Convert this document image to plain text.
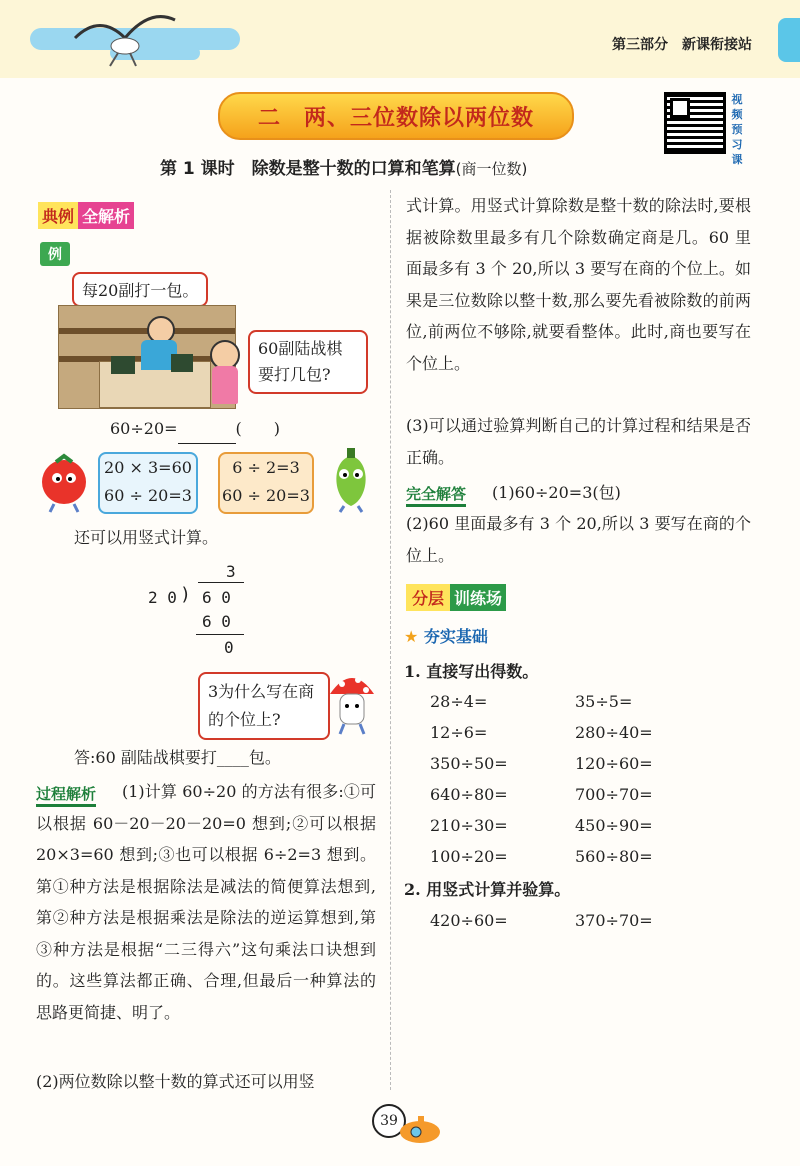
第三部分　新课衔接站
二　两、三位数除以两位数
视
频
预
习
课
第 1 课时　除数是整十数的口算和笔算(商一位数)
典例 全解析
例
每20副打一包。
60副陆战棋要打几包?
60÷20=	(　　)
20 × 3=60
60 ÷ 20=3
6 ÷ 2=3
60 ÷ 20=3
还可以用竖式计算。
3
2 0 ) 6 0
6 0
0
3为什么写在商的个位上?
答:60 副陆战棋要打____包。
过程解析	(1)计算 60÷20 的方法有很多:①可以根据 60－20－20－20=0 想到;②可以根据 20×3=60 想到;③也可以根据 6÷2=3 想到。第①种方法是根据除法是减法的简便算法想到,第②种方法是根据乘法是除法的逆运算想到,第③种方法是根据“二三得六”这句乘法口诀想到的。这些算法都正确、合理,但最后一种算法的思路更简捷、明了。
(2)两位数除以整十数的算式还可以用竖
式计算。用竖式计算除数是整十数的除法时,要根据被除数里最多有几个除数确定商是几。60 里面最多有 3 个 20,所以 3 要写在商的个位上。如果是三位数除以整十数,那么要先看被除数的前两位,前两位不够除,就要看整体。此时,商也要写在个位上。
(3)可以通过验算判断自己的计算过程和结果是否正确。
完全解答 (1)60÷20=3(包)
(2)60 里面最多有 3 个 20,所以 3 要写在商的个位上。
分层 训练场
★ 夯实基础
1. 直接写出得数。
28÷4=	35÷5=
12÷6=	280÷40=
350÷50=	120÷60=
640÷80=	700÷70=
210÷30=	450÷90=
100÷20=	560÷80=
2. 用竖式计算并验算。
420÷60=	370÷70=
39
